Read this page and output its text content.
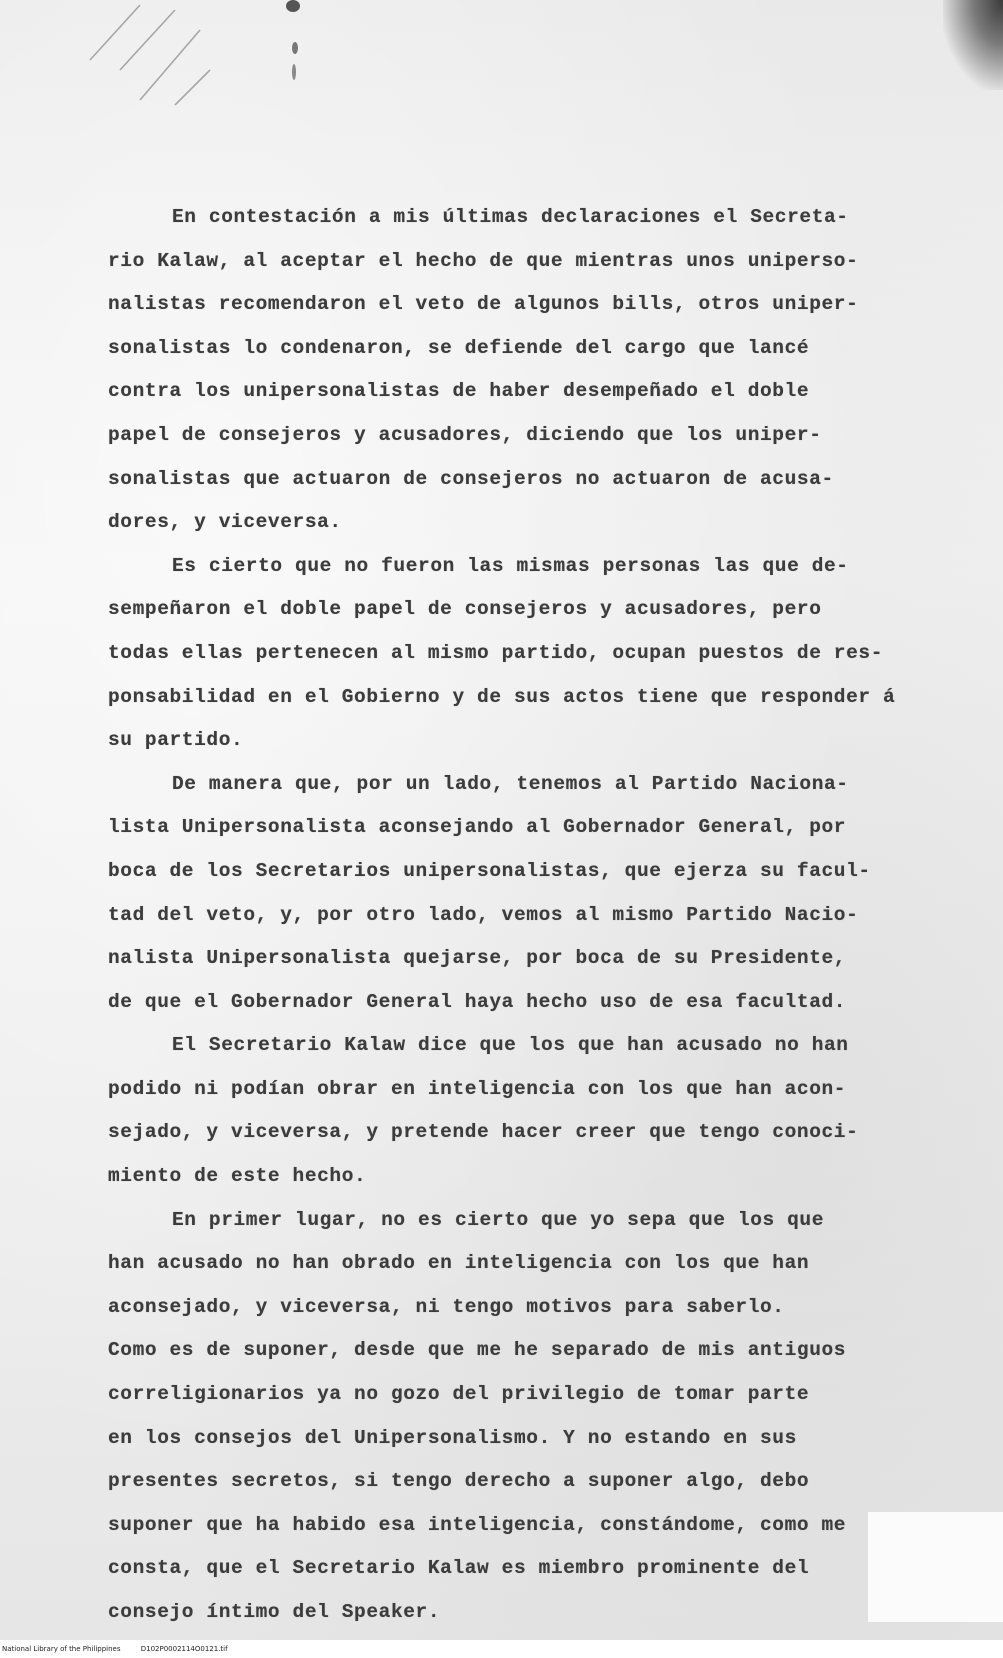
En contestación a mis últimas declaraciones el Secreta-
rio Kalaw, al aceptar el hecho de que mientras unos uniperso-
nalistas recomendaron el veto de algunos bills, otros uniper-
sonalistas lo condenaron, se defiende del cargo que lancé
contra los unipersonalistas de haber desempeñado el doble
papel de consejeros y acusadores, diciendo que los uniper-
sonalistas que actuaron de consejeros no actuaron de acusa-
dores, y viceversa.
Es cierto que no fueron las mismas personas las que de-
sempeñaron el doble papel de consejeros y acusadores, pero
todas ellas pertenecen al mismo partido, ocupan puestos de res-
ponsabilidad en el Gobierno y de sus actos tiene que responder á
su partido.
De manera que, por un lado, tenemos al Partido Naciona-
lista Unipersonalista aconsejando al Gobernador General, por
boca de los Secretarios unipersonalistas, que ejerza su facul-
tad del veto, y, por otro lado, vemos al mismo Partido Nacio-
nalista Unipersonalista quejarse, por boca de su Presidente,
de que el Gobernador General haya hecho uso de esa facultad.
El Secretario Kalaw dice que los que han acusado no han
podido ni podían obrar en inteligencia con los que han acon-
sejado, y viceversa, y pretende hacer creer que tengo conoci-
miento de este hecho.
En primer lugar, no es cierto que yo sepa que los que
han acusado no han obrado en inteligencia con los que han
aconsejado, y viceversa, ni tengo motivos para saberlo.
Como es de suponer, desde que me he separado de mis antiguos
correligionarios ya no gozo del privilegio de tomar parte
en los consejos del Unipersonalismo. Y no estando en sus
presentes secretos, si tengo derecho a suponer algo, debo
suponer que ha habido esa inteligencia, constándome, como me
consta, que el Secretario Kalaw es miembro prominente del
consejo íntimo del Speaker.
National Library of the Philippines	D102P0002114O0121.tif
